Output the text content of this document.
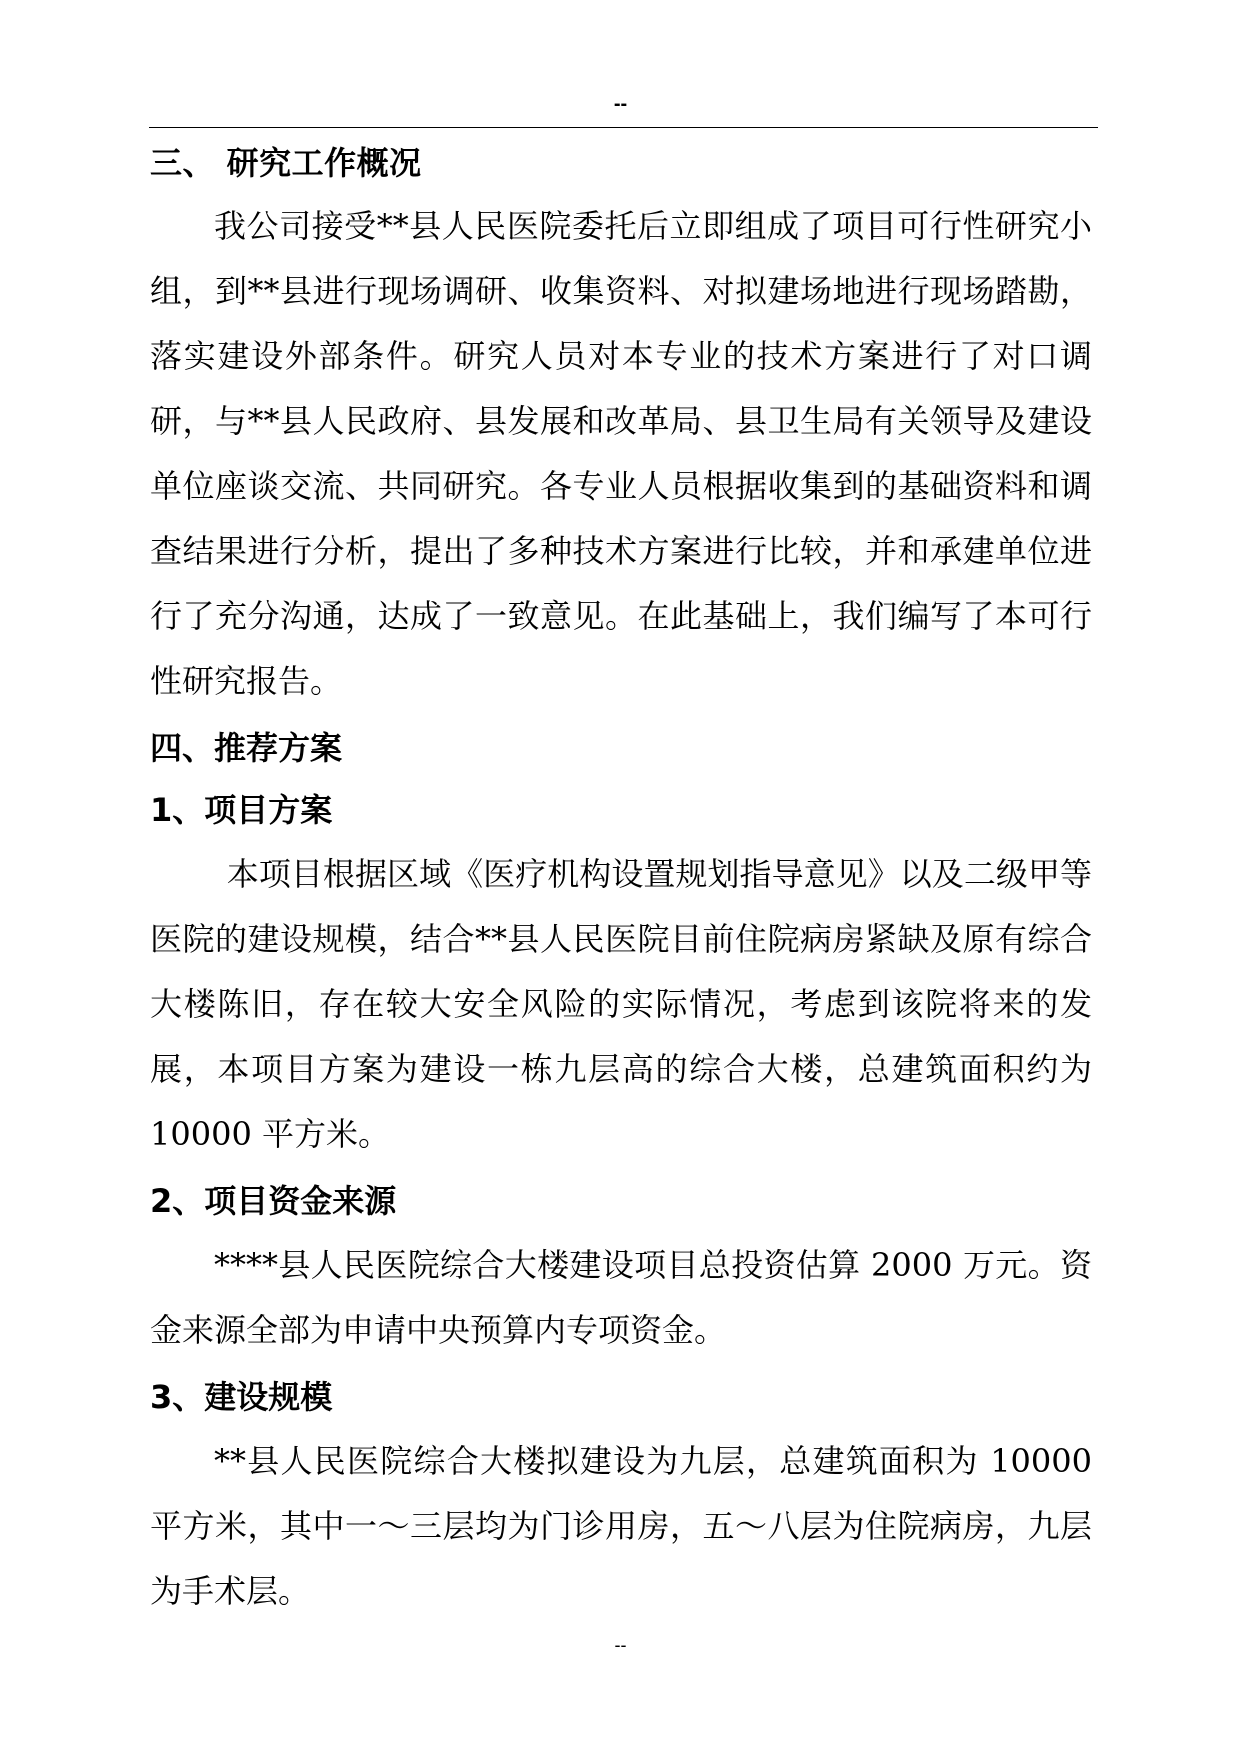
--
三、 研究工作概况

我公司接受**县人民医院委托后立即组成了项目可行性研究小组，到**县进行现场调研、收集资料、对拟建场地进行现场踏勘，落实建设外部条件。研究人员对本专业的技术方案进行了对口调研，与**县人民政府、县发展和改革局、县卫生局有关领导及建设单位座谈交流、共同研究。各专业人员根据收集到的基础资料和调查结果进行分析，提出了多种技术方案进行比较，并和承建单位进行了充分沟通，达成了一致意见。在此基础上，我们编写了本可行性研究报告。

四、推荐方案
1、项目方案

本项目根据区域《医疗机构设置规划指导意见》以及二级甲等医院的建设规模，结合**县人民医院目前住院病房紧缺及原有综合大楼陈旧，存在较大安全风险的实际情况，考虑到该院将来的发展，本项目方案为建设一栋九层高的综合大楼，总建筑面积约为 10000 平方米。

2、项目资金来源

****县人民医院综合大楼建设项目总投资估算 2000 万元。资金来源全部为申请中央预算内专项资金。

3、建设规模

**县人民医院综合大楼拟建设为九层，总建筑面积为 10000 平方米，其中一～三层均为门诊用房，五～八层为住院病房，九层为手术层。

--
